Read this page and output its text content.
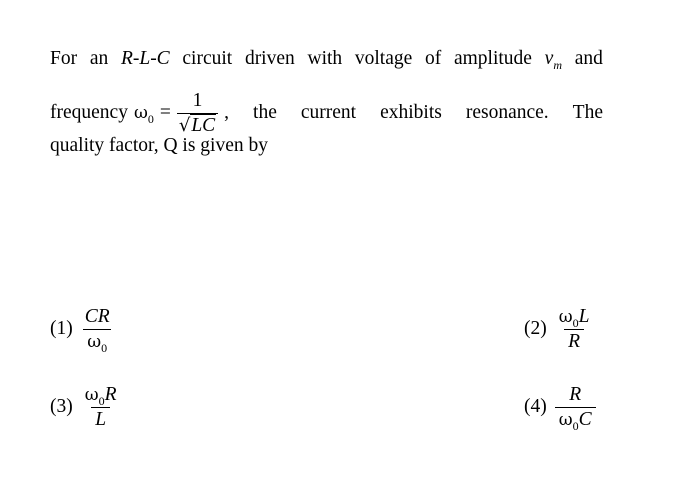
For an R-L-C circuit driven with voltage of amplitude $v_m$ and
frequency $\omega_0 = \frac{1}{√LC}$ , the current exhibits resonance. The
quality factor, Q is given by
$(1) \frac{CR}{\omega_0}$	$(2) \frac{\omega_0L}{R}$
$(3) \frac{\omega_0R}{L}$	$(4) \frac{R}{\omega_0C}$
